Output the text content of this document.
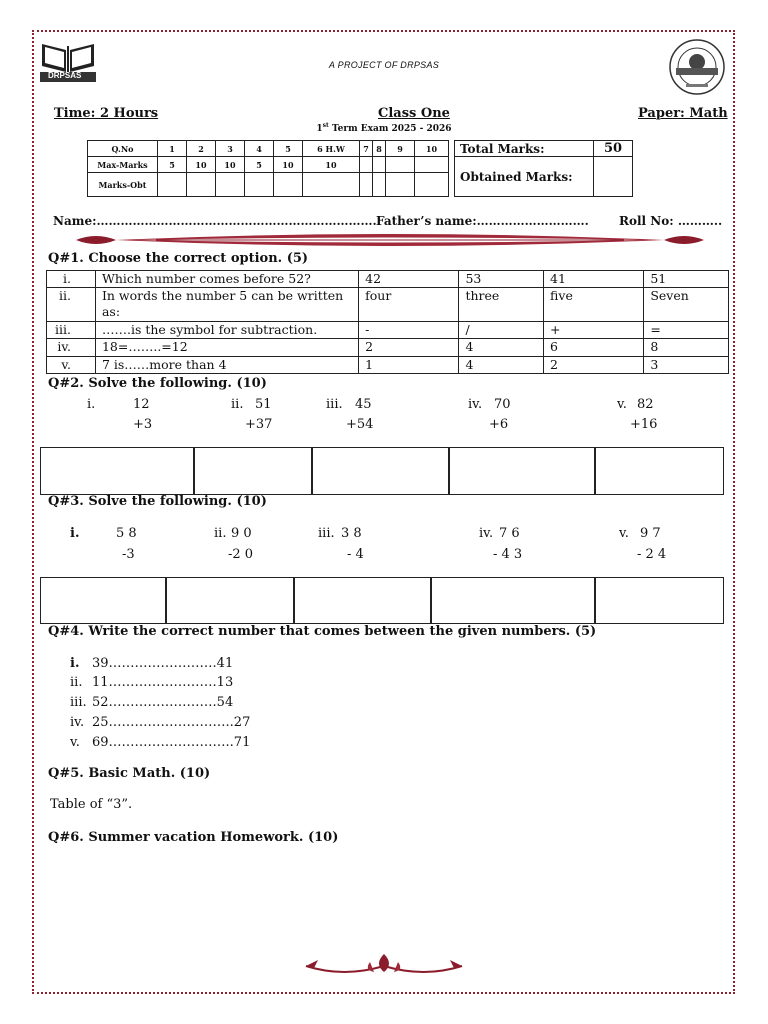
DRPSAS
A PROJECT OF DRPSAS
Time: 2 Hours	Class One	Paper: Math
1st Term Exam 2025 - 2026
Q.No	1	2	3	4	5	6 H.W	7	8	9	10
Max-Marks	5	10	10	5	10	10				
Marks-Obt										
Total Marks:	50
Obtained Marks:	
Name:……………………………………………………………. Father’s name:……………………….	Roll No: ………..
Q#1. Choose the correct option. (5)
i.	Which number comes before 52?	42	53	41	51
ii.	In words the number 5 can be written as:	four	three	five	Seven
iii.	…….is the symbol for subtraction.	-	/	+	=
iv.	18=……..=12	2	4	6	8
v.	7 is……more than 4	1	4	2	3
Q#2. Solve the following. (10)
i.	12
+3
ii. 51
+37
iii. 45
+54
iv. 70
+6
v. 82
+16
Q#3. Solve the following. (10)
i.	5 8
-3
ii. 9 0
-2 0
iii. 3 8
- 4
iv. 7 6
- 4 3
v. 9 7
- 2 4
Q#4. Write the correct number that comes between the given numbers. (5)
i. 39…………………….41
ii. 11…………………….13
iii. 52…………………….54
iv. 25………………………..27
v. 69………………………..71
Q#5. Basic Math. (10)
Table of “3”.
Q#6. Summer vacation Homework. (10)
